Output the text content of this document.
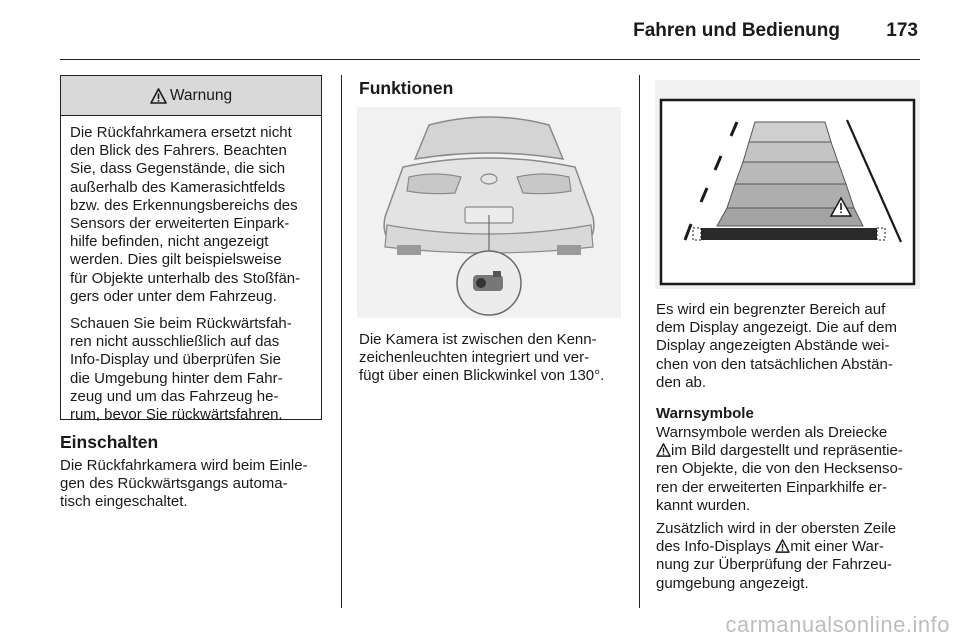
Fahren und Bedienung 173
Warnung

Die Rückfahrkamera ersetzt nicht
den Blick des Fahrers. Beachten
Sie, dass Gegenstände, die sich
außerhalb des Kamerasichtfelds
bzw. des Erkennungsbereichs des
Sensors der erweiterten Einpark-
hilfe befinden, nicht angezeigt
werden. Dies gilt beispielsweise
für Objekte unterhalb des Stoßfän-
gers oder unter dem Fahrzeug.

Schauen Sie beim Rückwärtsfah-
ren nicht ausschließlich auf das
Info-Display und überprüfen Sie
die Umgebung hinter dem Fahr-
zeug und um das Fahrzeug he-
rum, bevor Sie rückwärtsfahren.

Einschalten

Die Rückfahrkamera wird beim Einle-
gen des Rückwärtsgangs automa-
tisch eingeschaltet.

Funktionen

Die Kamera ist zwischen den Kenn-
zeichenleuchten integriert und ver-
fügt über einen Blickwinkel von 130°.

Es wird ein begrenzter Bereich auf
dem Display angezeigt. Die auf dem
Display angezeigten Abstände wei-
chen von den tatsächlichen Abstän-
den ab.

Warnsymbole

Warnsymbole werden als Dreiecke
im Bild dargestellt und repräsentie-
ren Objekte, die von den Hecksenso-
ren der erweiterten Einparkhilfe er-
kannt wurden.

Zusätzlich wird in der obersten Zeile
des Info-Displays mit einer War-
nung zur Überprüfung der Fahrzeu-
gumgebung angezeigt.

carmanualsonline.info
